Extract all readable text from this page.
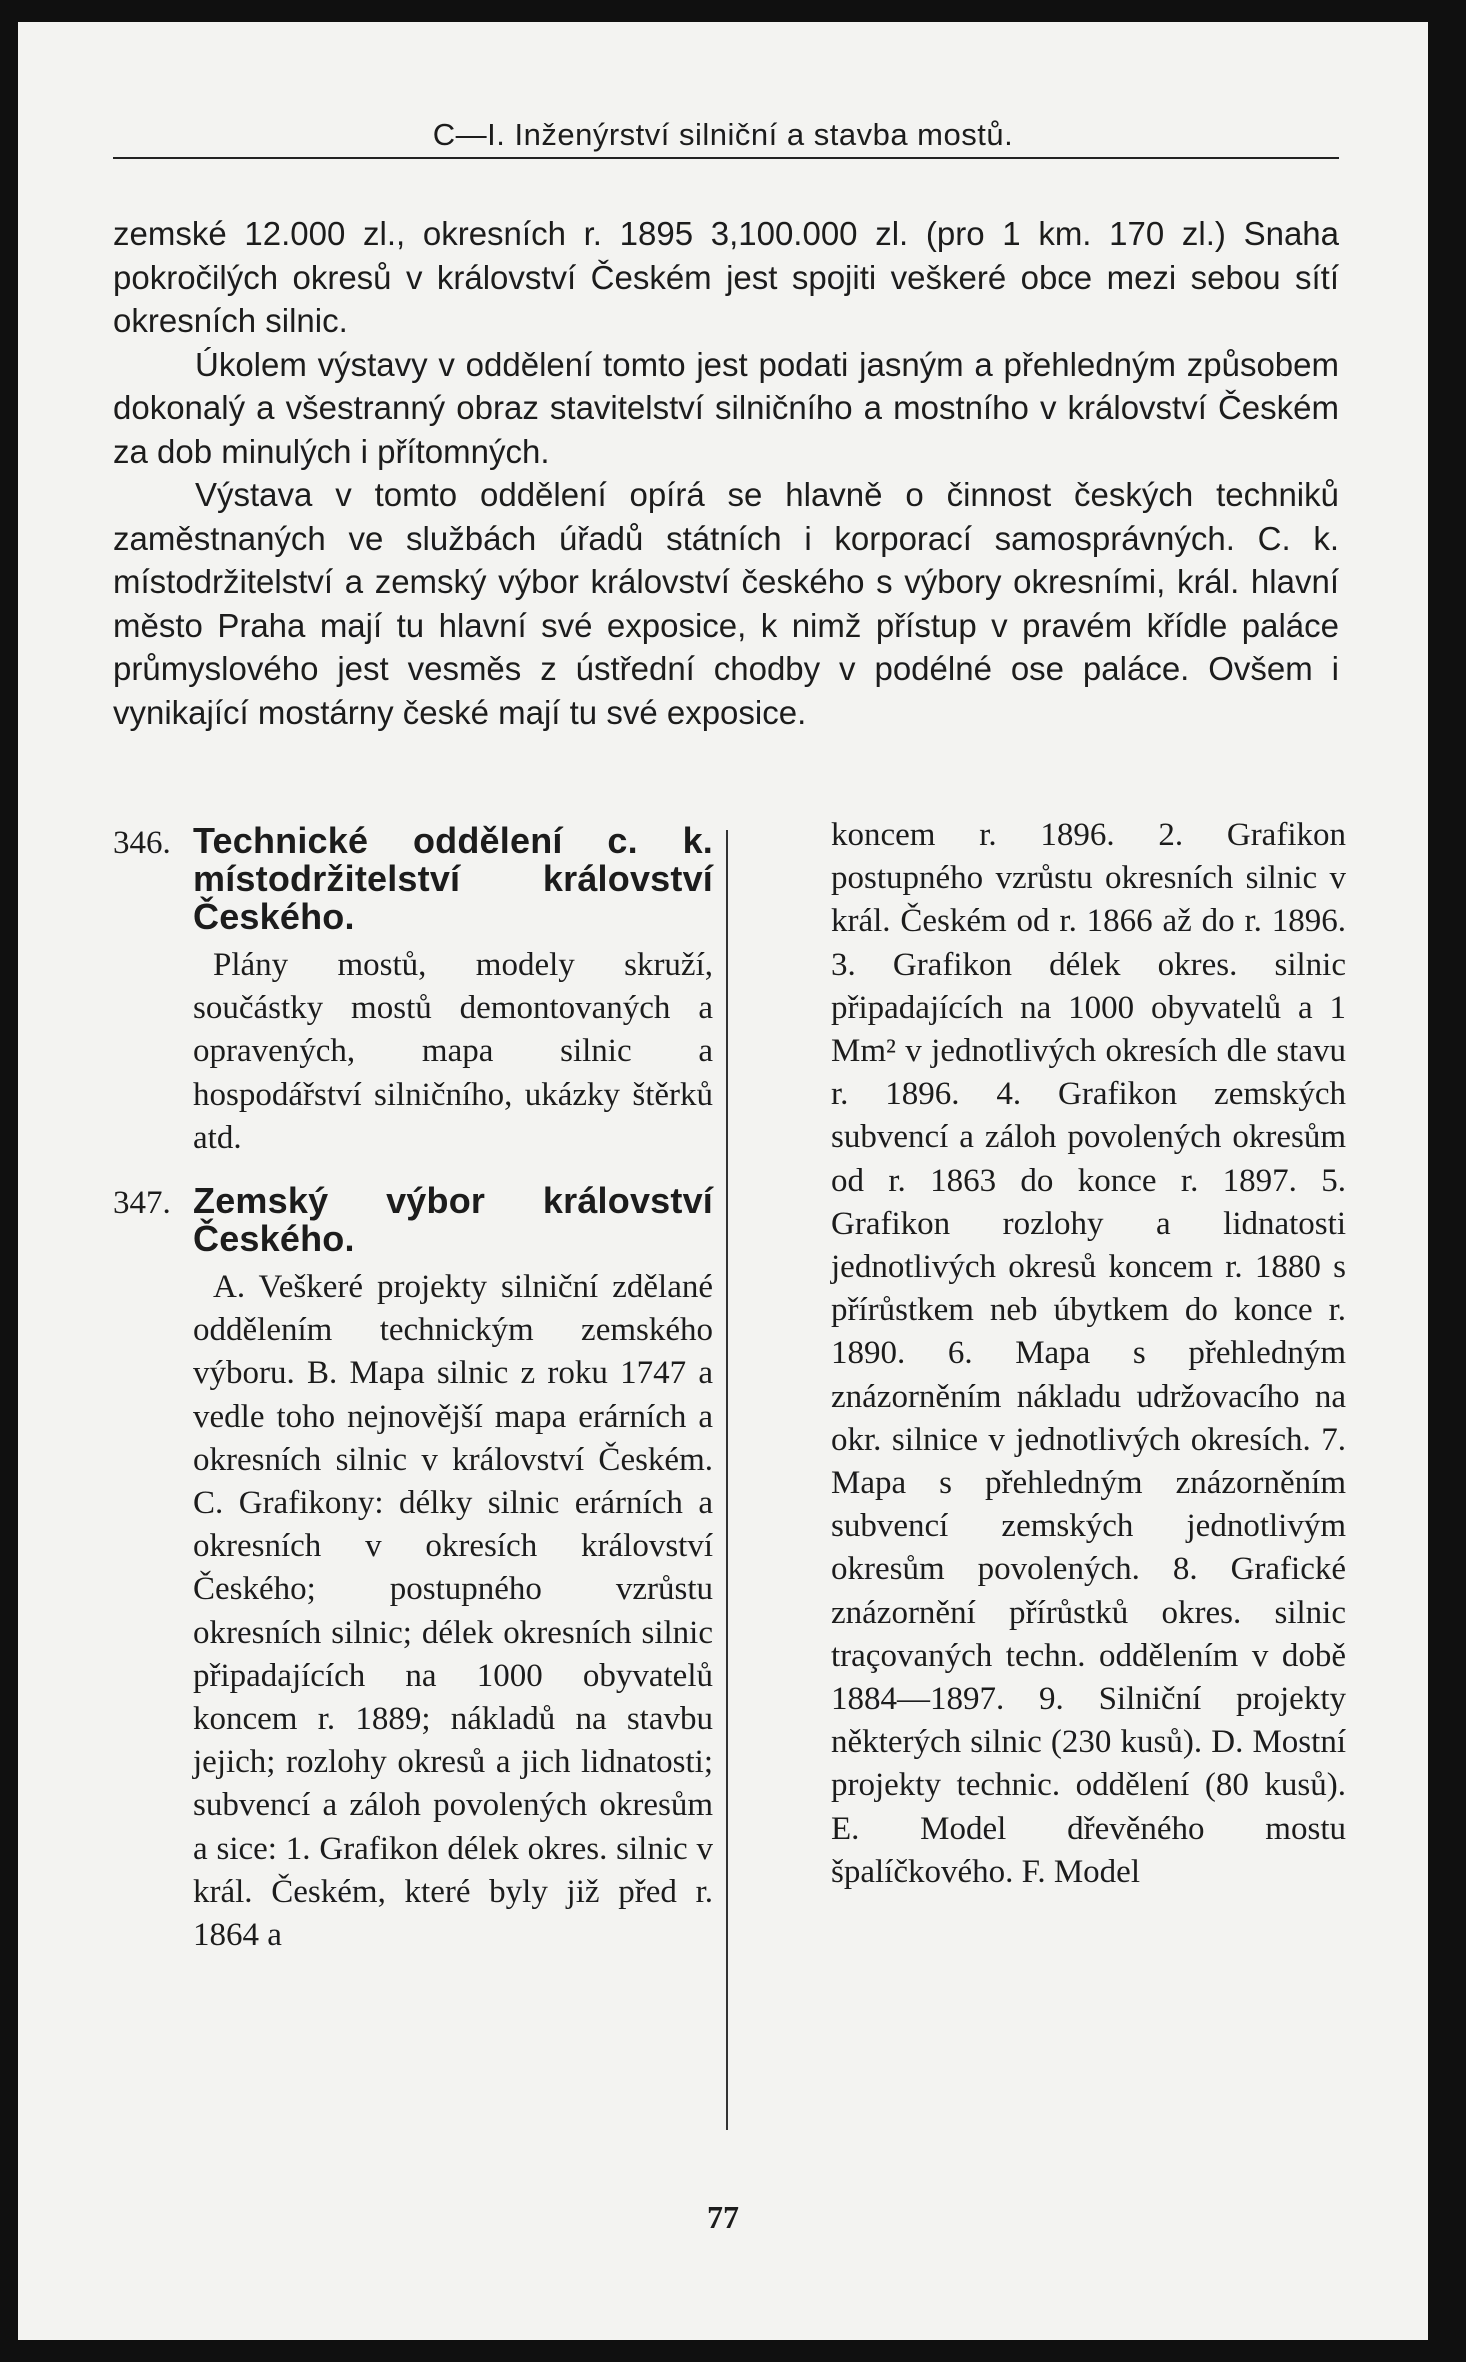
C—I. Inženýrství silniční a stavba mostů.

zemské 12.000 zl., okresních r. 1895 3,100.000 zl. (pro 1 km. 170 zl.) Snaha pokročilých okresů v království Českém jest spojiti veškeré obce mezi sebou sítí okresních silnic.

Úkolem výstavy v oddělení tomto jest podati jasným a přehledným způsobem dokonalý a všestranný obraz stavitelství silničního a mostního v království Českém za dob minulých i přítomných.

Výstava v tomto oddělení opírá se hlavně o činnost českých techniků zaměstnaných ve službách úřadů státních i korporací samosprávných. C. k. místodržitelství a zemský výbor království českého s výbory okresními, král. hlavní město Praha mají tu hlavní své exposice, k nimž přístup v pravém křídle paláce průmyslového jest vesměs z ústřední chodby v podélné ose paláce. Ovšem i vynikající mostárny české mají tu své exposice.

346. Technické oddělení c. k. místodržitelství království Českého.

Plány mostů, modely skruží, součástky mostů demontovaných a opravených, mapa silnic a hospodářství silničního, ukázky štěrků atd.

347. Zemský výbor království Českého.

A. Veškeré projekty silniční zdělané oddělením technickým zemského výboru. B. Mapa silnic z roku 1747 a vedle toho nejnovější mapa erárních a okresních silnic v království Českém. C. Grafikony: délky silnic erárních a okresních v okresích království Českého; postupného vzrůstu okresních silnic; délek okresních silnic připadajících na 1000 obyvatelů koncem r. 1889; nákladů na stavbu jejich; rozlohy okresů a jich lidnatosti; subvencí a záloh povolených okresům a sice: 1. Grafikon délek okres. silnic v král. Českém, které byly již před r. 1864 a

koncem r. 1896. 2. Grafikon postupného vzrůstu okresních silnic v král. Českém od r. 1866 až do r. 1896. 3. Grafikon délek okres. silnic připadajících na 1000 obyvatelů a 1 Mm² v jednotlivých okresích dle stavu r. 1896. 4. Grafikon zemských subvencí a záloh povolených okresům od r. 1863 do konce r. 1897. 5. Grafikon rozlohy a lidnatosti jednotlivých okresů koncem r. 1880 s přírůstkem neb úbytkem do konce r. 1890. 6. Mapa s přehledným znázorněním nákladu udržovacího na okr. silnice v jednotlivých okresích. 7. Mapa s přehledným znázorněním subvencí zemských jednotlivým okresům povolených. 8. Grafické znázornění přírůstků okres. silnic traçovaných techn. oddělením v době 1884—1897. 9. Silniční projekty některých silnic (230 kusů). D. Mostní projekty technic. oddělení (80 kusů). E. Model dřevěného mostu špalíčkového. F. Model

77
